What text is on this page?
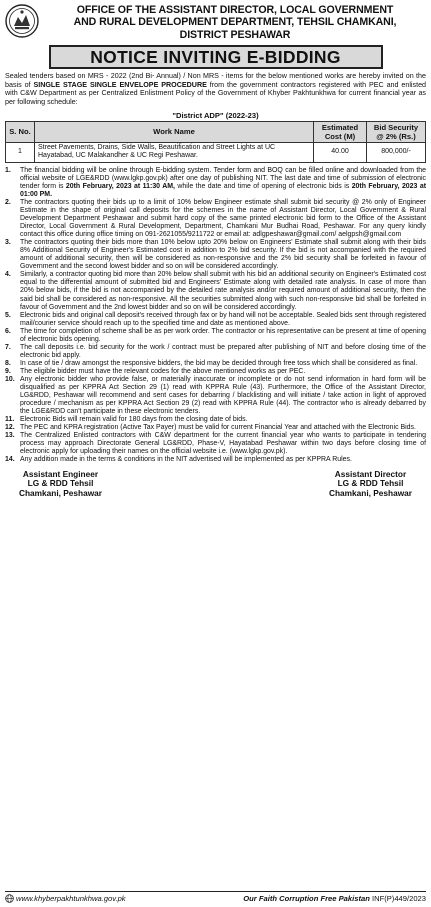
OFFICE OF THE ASSISTANT DIRECTOR, LOCAL GOVERNMENT
AND RURAL DEVELOPMENT DEPARTMENT, TEHSIL CHAMKANI,
DISTRICT PESHAWAR
NOTICE INVITING E-BIDDING
Sealed tenders based on MRS - 2022 (2nd Bi- Annual) / Non MRS - items for the below mentioned works are hereby invited on the basis of SINGLE STAGE SINGLE ENVELOPE PROCEDURE from the government contractors registered with PEC and enlisted with C&W Department as per Centralized Enlistment Policy of the Government of Khyber Pakhtunkhwa for current financial year as per following schedule:
"District ADP" (2022-23)
S. No.	Work Name	Estimated Cost (M)	Bid Security @ 2% (Rs.)
1	Street Pavements, Drains, Side Walls, Beautification and Street Lights at UC Hayatabad, UC Malakandher & UC Regi Peshawar.	40.00	800,000/-
1.	The financial bidding will be online through E-bidding system. Tender form and BOQ can be filled online and downloaded from the official website of LGE&RDD (www.lgkp.gov.pk) after one day of publishing NIT. The last date and time of submission of electronic tender form is 20th February, 2023 at 11:30 AM, while the date and time of opening of electronic bids is 20th February, 2023 at 01:00 PM.
2.	The contractors quoting their bids up to a limit of 10% below Engineer estimate shall submit bid security @ 2% only of Engineer Estimate in the shape of original call deposits for the schemes in the name of Assistant Director, Local Government & Rural Development Department Peshawar and submit hard copy of the same printed electronic bid form to the Office of the Assistant Director, Local Government & Rural Development, Department, Chamkani Mur Budhai Road, Peshawar. For any query kindly contact this office during office timing on 091-2621055/9211722 or email at: adlgpeshawar@gmail.com/ aelgpsh@gmail.com
3.	The contractors quoting their bids more than 10% below upto 20% below on Engineers' Estimate shall submit along with their bids 8% Additional Security of Engineer's Estimated cost in addition to 2% bid security. If the bid is not accompanied with the required amount of additional security, then will be considered as non-responsive and the 2% bid security shall be forfeited in favour of Government and the second lowest bidder and so on will be considered accordingly.
4.	Similarly, a contractor quoting bid more than 20% below shall submit with his bid an additional security on Engineer's Estimated cost equal to the differential amount of submitted bid and Engineers' Estimate along with detailed rate analysis. In case of more than 20% below bids, if the bid is not accompanied by the detailed rate analysis and/or required amount of additional security, then the said bid shall be considered as non-responsive. All the securities submitted along with such non-responsive bid shall be forfeited in favour of Government and the 2nd lowest bidder and so on will be considered accordingly.
5.	Electronic bids and original call deposit's received through fax or by hand will not be acceptable. Sealed bids sent through registered mail/courier service should reach up to the specified time and date as mentioned above.
6.	The time for completion of scheme shall be as per work order. The contractor or his representative can be present at time of opening of electronic bids opening.
7.	The call deposits i.e. bid security for the work / contract must be prepared after publishing of NIT and before closing time of the electronic bid apply.
8.	In case of tie / draw amongst the responsive bidders, the bid may be decided through free toss which shall be considered as final.
9.	The eligible bidder must have the relevant codes for the above mentioned works as per PEC.
10. Any electronic bidder who provide false, or materially inaccurate or incomplete or do not send information in hard form will be disqualified as per KPPRA Act Section 29 (1) read with KPPRA Rule (43). Furthermore, the Office of the Assistant Director, LG&RDD, Peshawar will recommend and sent cases for debarring / blacklisting and will initiate / take action in light of approved procedure / mechanism as per KPPRA Act Section 29 (2) read with KPPRA Rule (44). The contractor who is already debarred by the LGE&RDD can't participate in these electronic tenders.
11. Electronic Bids will remain valid for 180 days from the closing date of bids.
12. The PEC and KPRA registration (Active Tax Payer) must be valid for current Financial Year and attached with the Electronic Bids.
13. The Centralized Enlisted contractors with C&W department for the current financial year who wants to participate in tendering process may approach Directorate General LG&RDD, Phase-V, Hayatabad Peshawar within two days before closing time of electronic apply for uploading their names on the official website i.e. (www.lgkp.gov.pk).
14. Any addition made in the terms & conditions in the NIT advertised will be implemented as per KPPRA Rules.
Assistant Engineer
LG & RDD Tehsil
Chamkani, Peshawar
Assistant Director
LG & RDD Tehsil
Chamkani, Peshawar
www.khyberpakhtunkhwa.gov.pk	Our Faith Corruption Free Pakistan INF(P)449/2023
